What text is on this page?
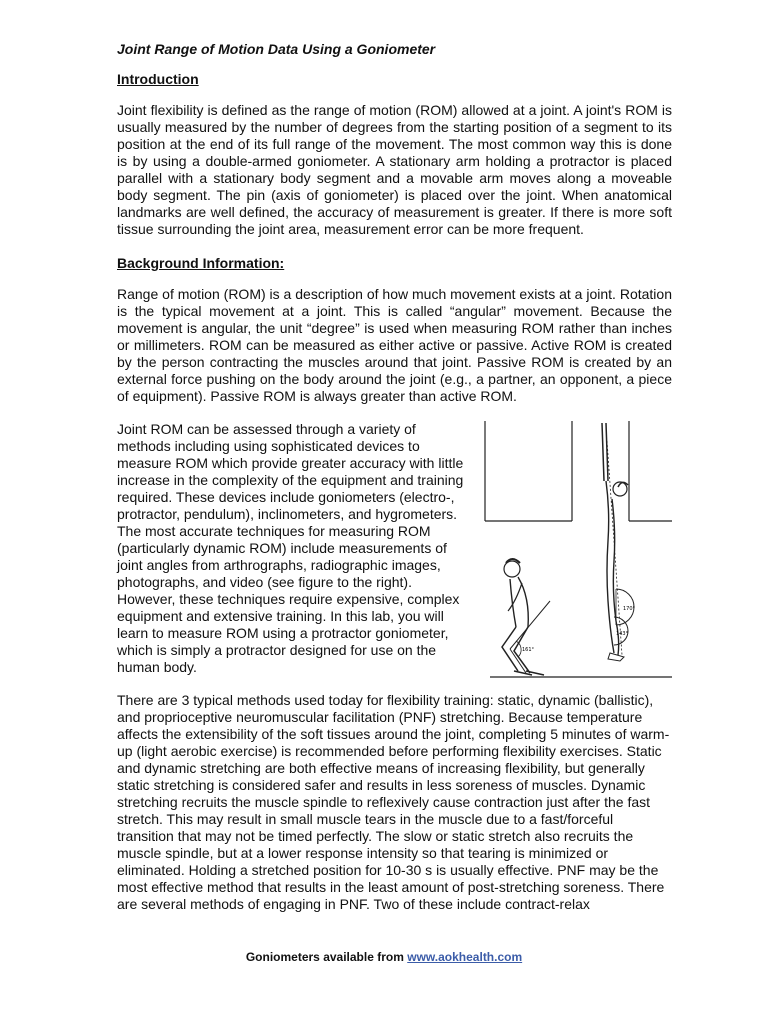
Joint Range of Motion Data Using a Goniometer
Introduction

Joint flexibility is defined as the range of motion (ROM) allowed at a joint. A joint's ROM is usually measured by the number of degrees from the starting position of a segment to its position at the end of its full range of the movement. The most common way this is done is by using a double-armed goniometer. A stationary arm holding a protractor is placed parallel with a stationary body segment and a movable arm moves along a moveable body segment. The pin (axis of goniometer) is placed over the joint. When anatomical landmarks are well defined, the accuracy of measurement is greater. If there is more soft tissue surrounding the joint area, measurement error can be more frequent.

Background Information:

Range of motion (ROM) is a description of how much movement exists at a joint. Rotation is the typical movement at a joint. This is called “angular” movement. Because the movement is angular, the unit “degree” is used when measuring ROM rather than inches or millimeters. ROM can be measured as either active or passive. Active ROM is created by the person contracting the muscles around that joint. Passive ROM is created by an external force pushing on the body around the joint (e.g., a partner, an opponent, a piece of equipment). Passive ROM is always greater than active ROM.

170°
143°
161°

Joint ROM can be assessed through a variety of methods including using sophisticated devices to measure ROM which provide greater accuracy with little increase in the complexity of the equipment and training required. These devices include goniometers (electro-, protractor, pendulum), inclinometers, and hygrometers. The most accurate techniques for measuring ROM (particularly dynamic ROM) include measurements of joint angles from arthrographs, radiographic images, photographs, and video (see figure to the right). However, these techniques require expensive, complex equipment and extensive training. In this lab, you will learn to measure ROM using a protractor goniometer, which is simply a protractor designed for use on the human body.

There are 3 typical methods used today for flexibility training: static, dynamic (ballistic), and proprioceptive neuromuscular facilitation (PNF) stretching. Because temperature affects the extensibility of the soft tissues around the joint, completing 5 minutes of warm-up (light aerobic exercise) is recommended before performing flexibility exercises. Static and dynamic stretching are both effective means of increasing flexibility, but generally static stretching is considered safer and results in less soreness of muscles. Dynamic stretching recruits the muscle spindle to reflexively cause contraction just after the fast stretch. This may result in small muscle tears in the muscle due to a fast/forceful transition that may not be timed perfectly. The slow or static stretch also recruits the muscle spindle, but at a lower response intensity so that tearing is minimized or eliminated. Holding a stretched position for 10-30 s is usually effective. PNF may be the most effective method that results in the least amount of post-stretching soreness. There are several methods of engaging in PNF. Two of these include contract-relax

Goniometers available from www.aokhealth.com
